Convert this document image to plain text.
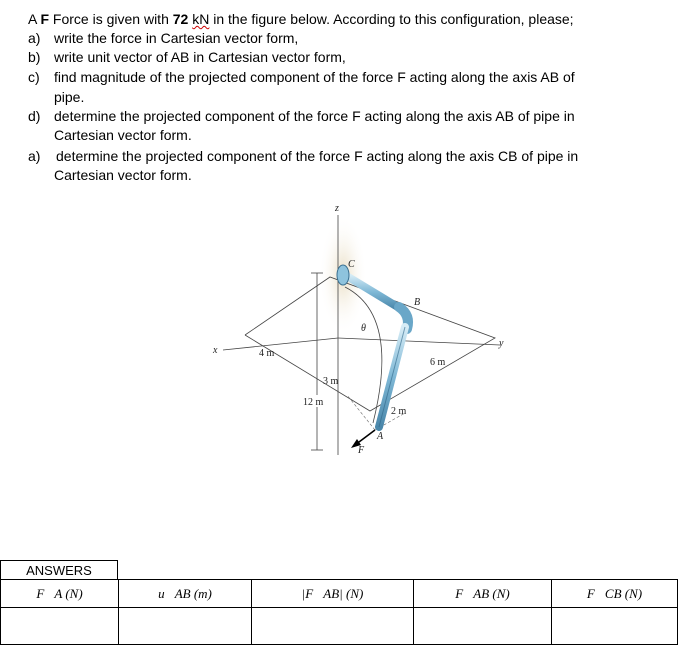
A F Force is given with 72 kN in the figure below. According to this configuration, please;
a) write the force in Cartesian vector form,
b) write unit vector of AB in Cartesian vector form,
c) find magnitude of the projected component of the force F acting along the axis AB of
pipe.
d) determine the projected component of the force F acting along the axis AB of pipe in
Cartesian vector form.
a) determine the projected component of the force F acting along the axis CB of pipe in
Cartesian vector form.
z
x
y
12 m
4 m
3 m
6 m
2 m
θ
C
B
A
F
ANSWERS
F⃗A (N)	u⃗AB (m)	|F⃗AB| (N)	F⃗AB (N)	F⃗CB (N)
